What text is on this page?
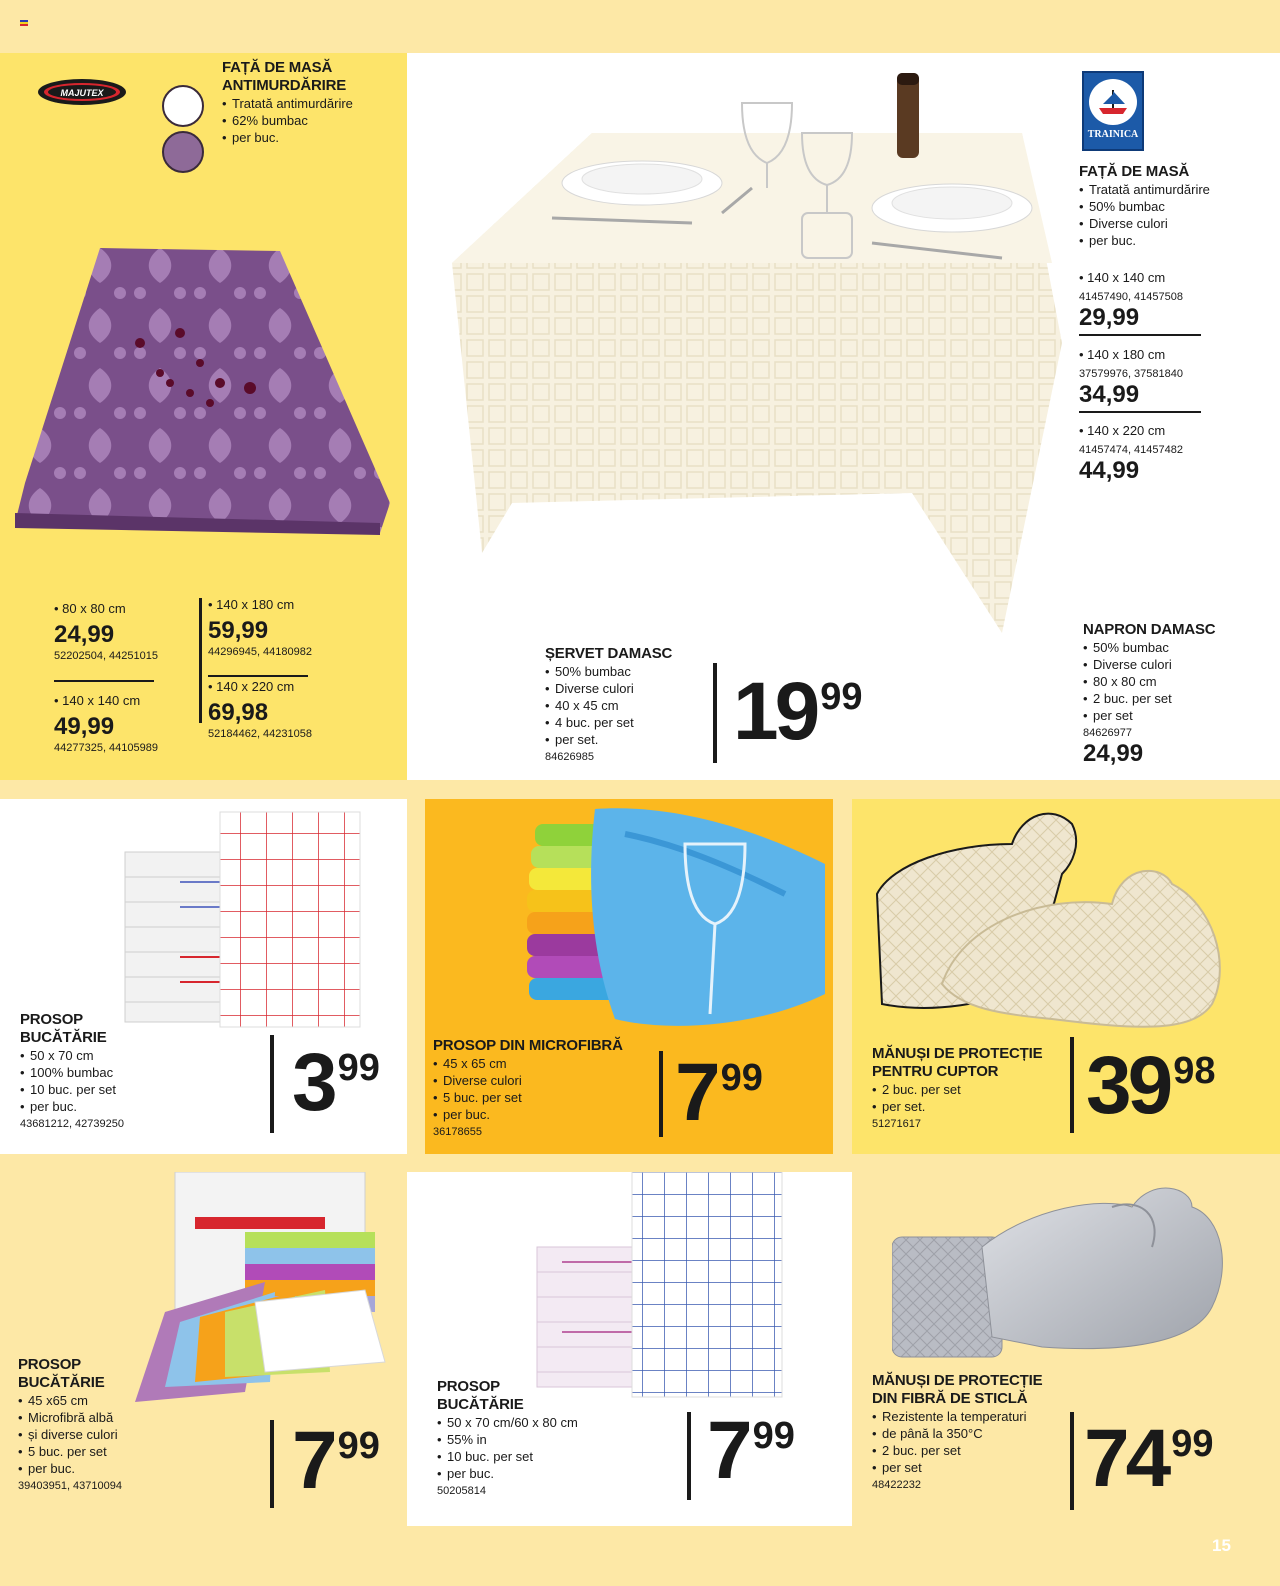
MAJUTEX
FAȚĂ DE MASĂ
ANTIMURDĂRIRE
• Tratată antimurdărire
• 62% bumbac
• per buc.
• 80 x 80 cm
24,99
52202504, 44251015
• 140 x 140 cm
49,99
44277325, 44105989
• 140 x 180 cm
59,99
44296945, 44180982
• 140 x 220 cm
69,98
52184462, 44231058
TRAINICA
FAȚĂ DE MASĂ
• Tratată antimurdărire
• 50% bumbac
• Diverse culori
• per buc.
• 140 x 140 cm
41457490, 41457508
29,99
• 140 x 180 cm
37579976, 37581840
34,99
• 140 x 220 cm
41457474, 41457482
44,99
ȘERVET DAMASC
• 50% bumbac
• Diverse culori
• 40 x 45 cm
• 4 buc. per set
• per set.
84626985	19 99
NAPRON DAMASC
• 50% bumbac
• Diverse culori
• 80 x 80 cm
• 2 buc. per set
• per set
84626977
24,99
PROSOP
BUCĂTĂRIE
• 50 x 70 cm
• 100% bumbac
• 10 buc. per set
• per buc.
43681212, 42739250	3 99
PROSOP DIN MICROFIBRĂ
• 45 x 65 cm
• Diverse culori
• 5 buc. per set
• per buc.
36178655	7 99
MĂNUȘI DE PROTECȚIE
PENTRU CUPTOR
• 2 buc. per set
• per set.
51271617	39 98
PROSOP
BUCĂTĂRIE
• 45 x65 cm
• Microfibră albă
• și diverse culori
• 5 buc. per set
• per buc.
39403951, 43710094	7 99
PROSOP
BUCĂTĂRIE
• 50 x 70 cm/60 x 80 cm
• 55% in
• 10 buc. per set
• per buc.
50205814	7 99
MĂNUȘI DE PROTECȚIE
DIN FIBRĂ DE STICLĂ
• Rezistente la temperaturi
• de până la 350°C
• 2 buc. per set
• per set
48422232	74 99
15
